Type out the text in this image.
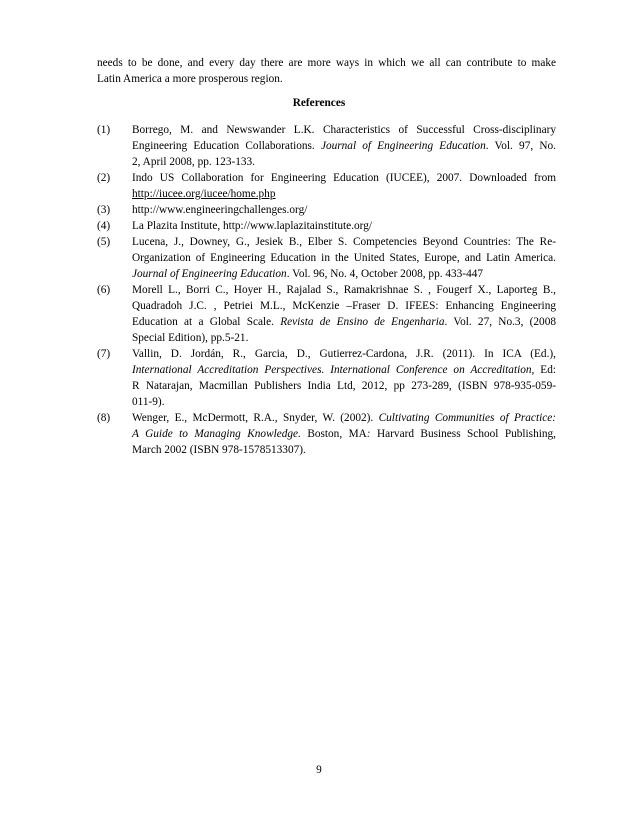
needs to be done, and every day there are more ways in which we all can contribute to make
Latin America a more prosperous region.

References

(1)	Borrego, M. and Newswander L.K. Characteristics of Successful Cross-disciplinary
Engineering Education Collaborations. Journal of Engineering Education. Vol. 97, No.
2, April 2008, pp. 123-133.
(2)	Indo US Collaboration for Engineering Education (IUCEE), 2007. Downloaded from
http://iucee.org/iucee/home.php
(3)	http://www.engineeringchallenges.org/
(4)	La Plazita Institute, http://www.laplazitainstitute.org/
(5)	Lucena, J., Downey, G., Jesiek B., Elber S. Competencies Beyond Countries: The Re-
Organization of Engineering Education in the United States, Europe, and Latin America.
Journal of Engineering Education. Vol. 96, No. 4, October 2008, pp. 433-447
(6)	Morell L., Borri C., Hoyer H., Rajalad S., Ramakrishnae S. , Fougerf X., Laporteg B.,
Quadradoh J.C. , Petriei M.L., McKenzie –Fraser D. IFEES: Enhancing Engineering
Education at a Global Scale. Revista de Ensino de Engenharia. Vol. 27, No.3, (2008
Special Edition), pp.5-21.
(7)	Vallin, D. Jordán, R., Garcia, D., Gutierrez-Cardona, J.R. (2011). In ICA (Ed.),
International Accreditation Perspectives. International Conference on Accreditation, Ed:
R Natarajan, Macmillan Publishers India Ltd, 2012, pp 273-289, (ISBN 978-935-059-
011-9).
(8)	Wenger, E., McDermott, R.A., Snyder, W. (2002). Cultivating Communities of Practice:
A Guide to Managing Knowledge. Boston, MA: Harvard Business School Publishing,
March 2002 (ISBN 978-1578513307).
9
